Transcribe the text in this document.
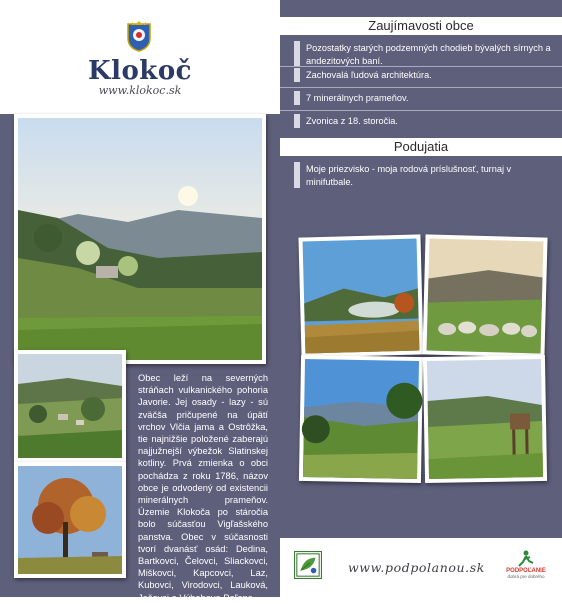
Klokoč
www.klokoc.sk
Obec leží na severných stráňach vulkanického pohoria Javorie. Jej osady - lazy - sú zväčša pričupené na úpätí vrchov Vlčia jama a Ostrôžka, tie najnižšie položené zaberajú najjužnejší výbežok Slatinskej kotliny. Prvá zmienka o obci pochádza z roku 1786, názov obce je odvodený od existencii minerálnych prameňov. Územie Klokoča po stáročia bolo súčasťou Vigľašského panstva. Obec v súčasnosti tvorí dvanásť osád: Dedina, Bartkovci, Čelovci, Sliackovci, Miškovci, Kapcovci, Laz, Kubovci, Virodovci, Lauková, Jašovci a Výbohova Poľana.
Zaujímavosti obce
Pozostatky starých podzemných chodieb bývalých sírnych a andezitových baní.
Zachovalá ľudová architektúra.
7 minerálnych prameňov.
Zvonica z 18. storočia.
Podujatia
Moje priezvisko - moja rodová príslušnosť, turnaj v minifutbale.
www.podpolanou.sk	PODPOĽANIE
dobrá pre dobrého
